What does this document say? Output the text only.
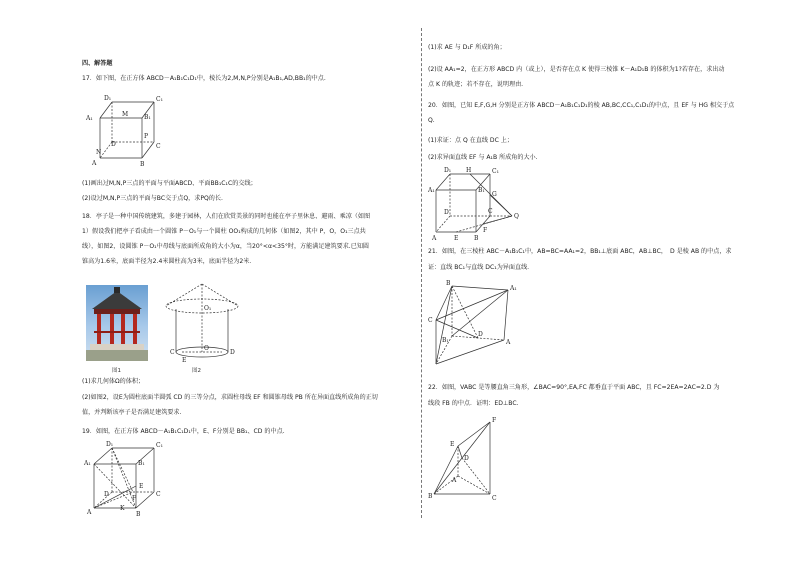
四、解答题
17．如下图，在正方体 ABCD－A₁B₁C₁D₁中，棱长为2,M,N,P分别是A₁B₁,AD,BB₁的中点.
A₁
D₁	C₁
B₁
M
P
D	C
N
A	B
(1)画出过M,N,P三点的平面与平面ABCD、平面BB₁C₁C的交线；
(2)设过M,N,P三点的平面与BC交于点Q，求PQ的长.
18．亭子是一种中国传统建筑，多建于园林，人们在欣赏美景的同时也能在亭子里休息、避雨、乘凉（如图
1）假设我们把亭子看成由一个圆锥 P－O₁与一个圆柱 OO₁构成的几何体（如图2，其中 P，O，O₁三点共
线），如图2，设圆锥 P－O₁中母线与底面所成角的大小为α，当20°<α<35°时，方能满足建筑要求.已知圆
锥高为1.6米，底面半径为2.4米圆柱高为3米，底面半径为2米.
图1
O₁
O
E
C	D
图2
(1)求几何体Ω的体积；
(2)如图2，设E为圆柱底面半圆弧 CD 的三等分点，求圆柱母线 EF 和圆锥母线 PB 所在异面直线所成角的正切
值，并判断该亭子是否满足建筑要求.
19．如图，在正方体 ABCD－A₁B₁C₁D₁中，E、F分别是 BB₁、CD 的中点.
D₁	C₁
A₁	B₁
E
F
D	C
A
K
B
(1)求 AE 与 D₁F 所成的角；
(2)设 AA₁=2，在正方形 ABCD 内（或上），是否存在点 K 使得三棱锥 K－A₁D₁B 的体积为1?若存在，求出动
点 K 的轨迹；若不存在，说明理由.
20．如图，已知 E,F,G,H 分别是正方体 ABCD－A₁B₁C₁D₁的棱 AB,BC,CC₁,C₁D₁的中点，且 EF 与 HG 相交于点
Q.
(1)求证：点 Q 在直线 DC 上；
(2)求异面直线 EF 与 A₁B 所成角的大小.
D₁ H	C₁
A₁	B₁
G
D	C
Q
A	E
F
B
21．如图，在三棱柱 ABC－A₁B₁C₁中，AB=BC=AA₁=2，BB₁⊥底面 ABC，AB⊥BC，　D 是棱 AB 的中点，求
证：直线 BC₁与直线 DC₁为异面直线.
B
A₁
C
D
B₁	A
22．如图，VABC 是等腰直角三角形，∠BAC=90°,EA,FC 都垂直于平面 ABC，且 FC=2EA=2AC=2.D 为
线段 FB 的中点．证明：ED⊥BC.
F
E
D
A
B	C
